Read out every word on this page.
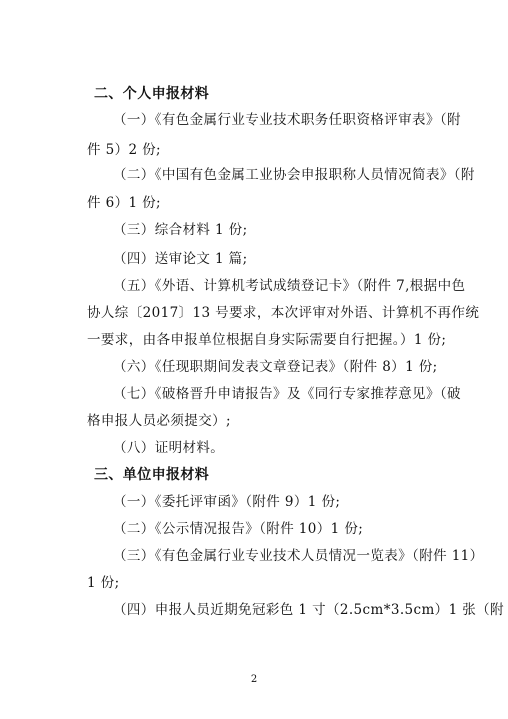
二、个人申报材料
（一）《有色金属行业专业技术职务任职资格评审表》（附
件 5）2 份;
（二）《中国有色金属工业协会申报职称人员情况简表》（附
件 6）1 份;
（三）综合材料 1 份;
（四）送审论文 1 篇;
（五）《外语、计算机考试成绩登记卡》（附件 7,根据中色
协人综〔2017〕13 号要求，本次评审对外语、计算机不再作统
一要求，由各申报单位根据自身实际需要自行把握。）1 份;
（六）《任现职期间发表文章登记表》（附件 8）1 份;
（七）《破格晋升申请报告》及《同行专家推荐意见》（破
格申报人员必须提交）;
（八）证明材料。
三、单位申报材料
（一）《委托评审函》（附件 9）1 份;
（二）《公示情况报告》（附件 10）1 份;
（三）《有色金属行业专业技术人员情况一览表》（附件 11）
1 份;
（四）申报人员近期免冠彩色 1 寸（2.5cm*3.5cm）1 张（附
2
